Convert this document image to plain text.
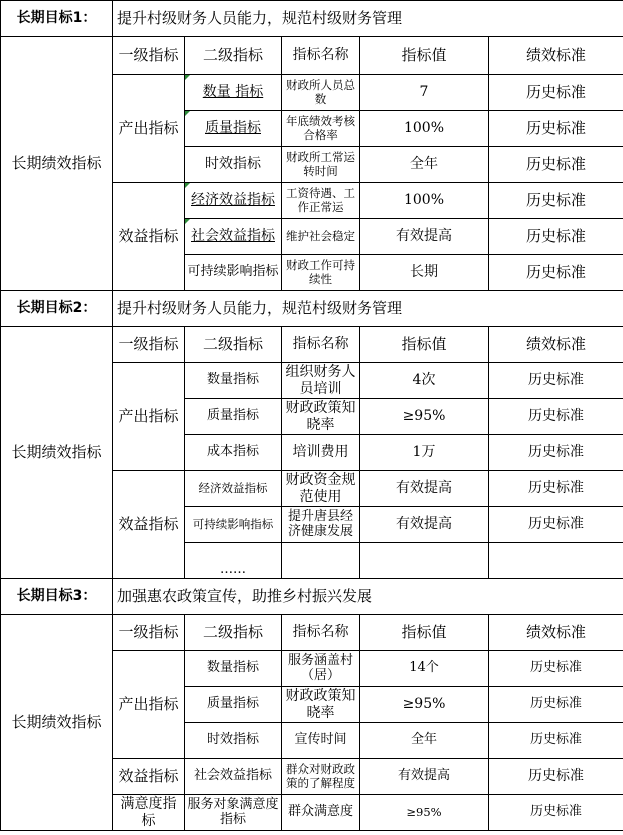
长期目标1：	提升村级财务人员能力，规范村级财务管理				
长期绩效指标	一级指标	二级指标	指标名称	指标值	绩效标准
	产出指标	数量 指标	财政所人员总数	7	历史标准
		质量指标	年底绩效考核合格率	100%	历史标准
		时效指标	财政所工常运转时间	全年	历史标准
	效益指标	经济效益指标	工资待遇、工作正常运	100%	历史标准
		社会效益指标	维护社会稳定	有效提高	历史标准
		可持续影响指标	财政工作可持续性	长期	历史标准
长期目标2：	提升村级财务人员能力，规范村级财务管理				
长期绩效指标	一级指标	二级指标	指标名称	指标值	绩效标准
	产出指标	数量指标	组织财务人员培训	4次	历史标准
		质量指标	财政政策知晓率	≥95%	历史标准
		成本指标	培训费用	1万	历史标准
	效益指标	经济效益指标	财政资金规范使用	有效提高	历史标准
		可持续影响指标	提升唐县经济健康发展	有效提高	历史标准
		……			
长期目标3：	加强惠农政策宣传，助推乡村振兴发展				
长期绩效指标	一级指标	二级指标	指标名称	指标值	绩效标准
	产出指标	数量指标	服务涵盖村（居）	14个	历史标准
		质量指标	财政政策知晓率	≥95%	历史标准
		时效指标	宣传时间	全年	历史标准
	效益指标	社会效益指标	群众对财政政策的了解程度	有效提高	历史标准
	满意度指标	服务对象满意度指标	群众满意度	≥95%	历史标准
